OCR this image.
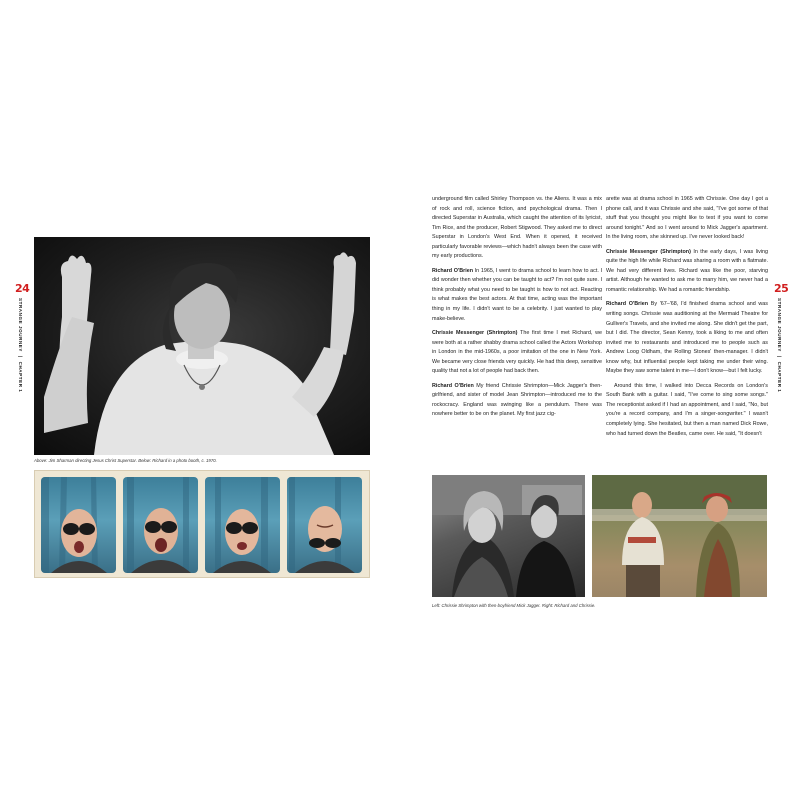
24
STRANGE JOURNEY | CHAPTER 1
Above: Jim Sharman directing Jesus Christ Superstar. Below: Richard in a photo booth, c. 1970.

underground film called Shirley Thompson vs. the Aliens. It was a mix of rock and roll, science fiction, and psychological drama. Then I directed Superstar in Australia, which caught the attention of its lyricist, Tim Rice, and the producer, Robert Stigwood. They asked me to direct Superstar in London's West End. When it opened, it received particularly favorable reviews—which hadn't always been the case with my early productions.

Richard O'Brien In 1965, I went to drama school to learn how to act. I did wonder then whether you can be taught to act? I'm not quite sure. I think probably what you need to be taught is how to not act. Reacting is what makes the best actors. At that time, acting was the important thing in my life. I didn't want to be a celebrity. I just wanted to play make-believe.

Chrissie Messenger (Shrimpton) The first time I met Richard, we were both at a rather shabby drama school called the Actors Workshop in London in the mid-1960s, a poor imitation of the one in New York. We became very close friends very quickly. He had this deep, sensitive quality that not a lot of people had back then.

Richard O'Brien My friend Chrissie Shrimpton—Mick Jagger's then-girlfriend, and sister of model Jean Shrimpton—introduced me to the rockocracy. England was swinging like a pendulum. There was nowhere better to be on the planet. My first jazz cig-

arette was at drama school in 1965 with Chrissie. One day I got a phone call, and it was Chrissie and she said, "I've got some of that stuff that you thought you might like to test if you want to come around tonight." And so I went around to Mick Jagger's apartment. In the living room, she skinned up. I've never looked back!

Chrissie Messenger (Shrimpton) In the early days, I was living quite the high life while Richard was sharing a room with a flatmate. We had very different lives. Richard was like the poor, starving artist. Although he wanted to ask me to marry him, we never had a romantic relationship. We had a romantic friendship.

Richard O'Brien By '67–'68, I'd finished drama school and was writing songs. Chrissie was auditioning at the Mermaid Theatre for Gulliver's Travels, and she invited me along. She didn't get the part, but I did. The director, Sean Kenny, took a liking to me and often invited me to restaurants and introduced me to people such as Andrew Loog Oldham, the Rolling Stones' then-manager. I didn't know why, but influential people kept taking me under their wing. Maybe they saw some talent in me—I don't know—but I felt lucky.

Around this time, I walked into Decca Records on London's South Bank with a guitar. I said, "I've come to sing some songs." The receptionist asked if I had an appointment, and I said, "No, but you're a record company, and I'm a singer-songwriter." I wasn't completely lying. She hesitated, but then a man named Dick Rowe, who had turned down the Beatles, came over. He said, "It doesn't

25
STRANGE JOURNEY | CHAPTER 1
Left: Chrissie Shrimpton with then-boyfriend Mick Jagger. Right: Richard and Chrissie.
